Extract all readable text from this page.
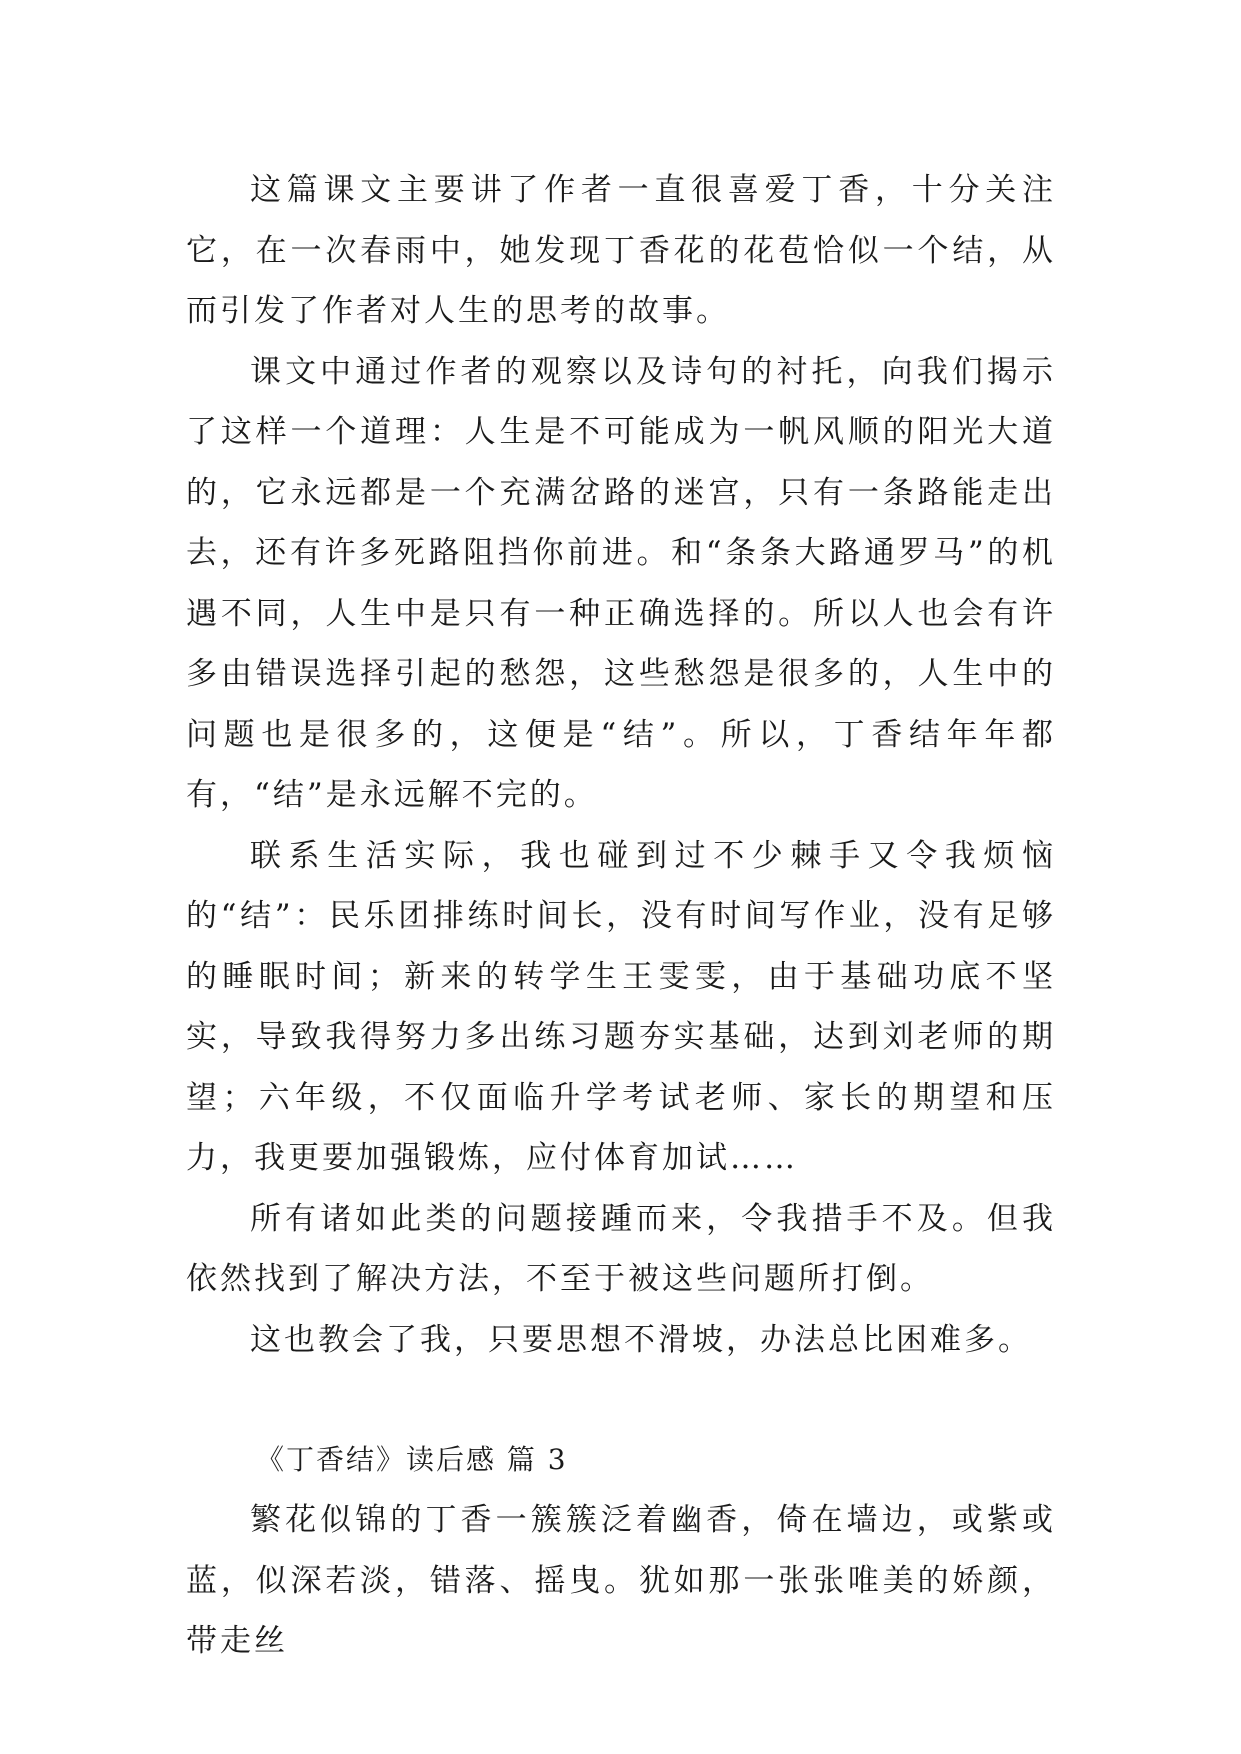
这篇课文主要讲了作者一直很喜爱丁香，十分关注它，在一次春雨中，她发现丁香花的花苞恰似一个结，从而引发了作者对人生的思考的故事。

课文中通过作者的观察以及诗句的衬托，向我们揭示了这样一个道理：人生是不可能成为一帆风顺的阳光大道的，它永远都是一个充满岔路的迷宫，只有一条路能走出去，还有许多死路阻挡你前进。和“条条大路通罗马”的机遇不同，人生中是只有一种正确选择的。所以人也会有许多由错误选择引起的愁怨，这些愁怨是很多的，人生中的问题也是很多的，这便是“结”。所以，丁香结年年都有，“结”是永远解不完的。

联系生活实际，我也碰到过不少棘手又令我烦恼的“结”：民乐团排练时间长，没有时间写作业，没有足够的睡眠时间；新来的转学生王雯雯，由于基础功底不坚实，导致我得努力多出练习题夯实基础，达到刘老师的期望；六年级，不仅面临升学考试老师、家长的期望和压力，我更要加强锻炼，应付体育加试……

所有诸如此类的问题接踵而来，令我措手不及。但我依然找到了解决方法，不至于被这些问题所打倒。

这也教会了我，只要思想不滑坡，办法总比困难多。

《丁香结》读后感 篇 3

繁花似锦的丁香一簇簇泛着幽香，倚在墙边，或紫或蓝，似深若淡，错落、摇曳。犹如那一张张唯美的娇颜，带走丝
